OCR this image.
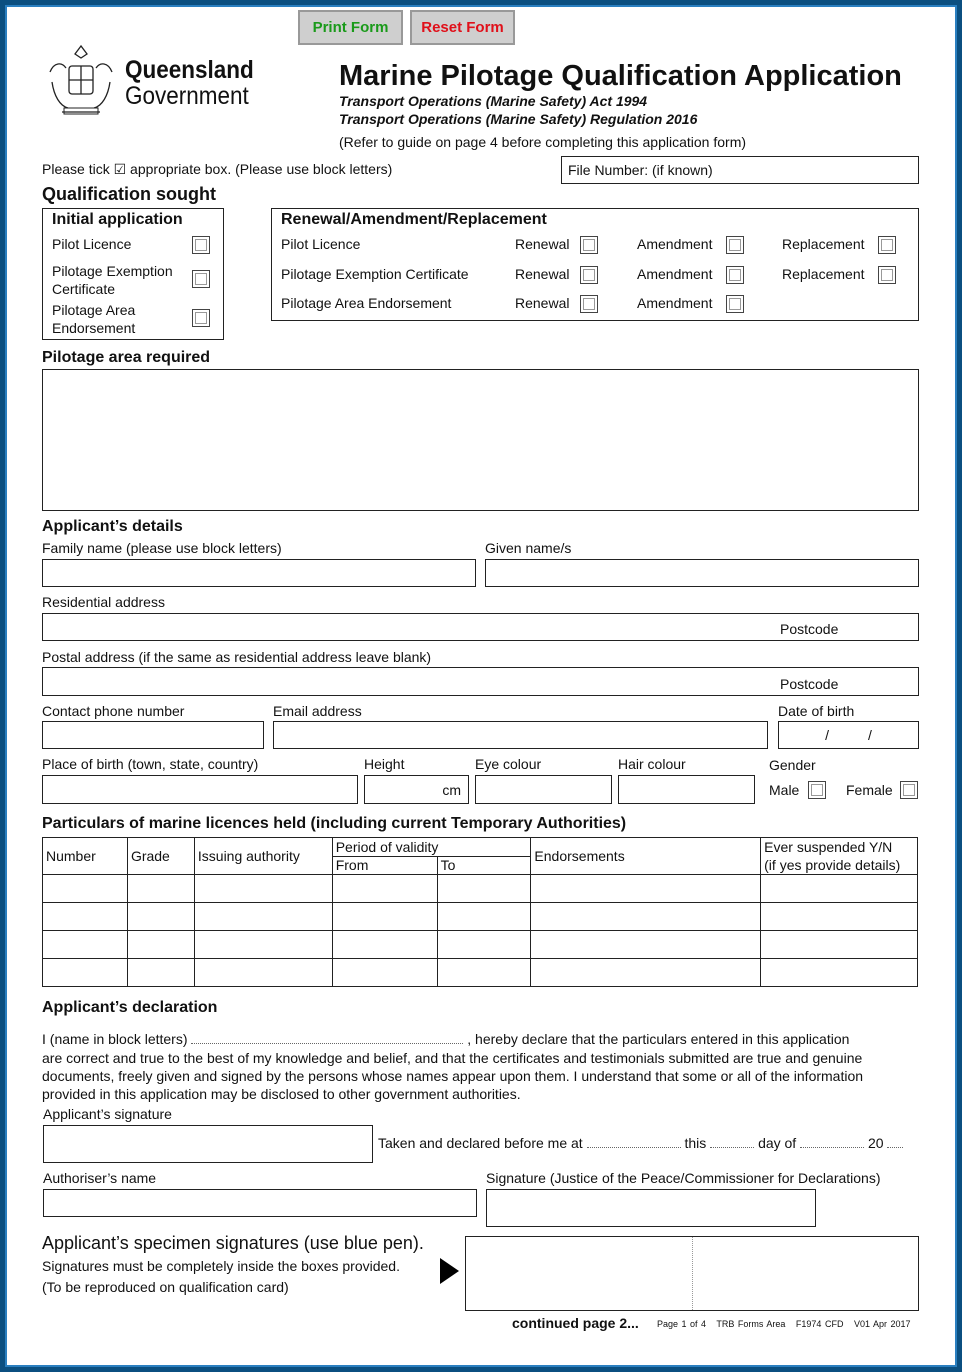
Print Form	Reset Form
Queensland
Government
Marine Pilotage Qualification Application
Transport Operations (Marine Safety) Act 1994
Transport Operations (Marine Safety) Regulation 2016
(Refer to guide on page 4 before completing this application form)
Please tick ☑ appropriate box. (Please use block letters)	File Number: (if known)
Qualification sought
Initial application
Pilot Licence
Pilotage Exemption Certificate
Pilotage Area Endorsement
Renewal/Amendment/Replacement
Pilot Licence	Renewal	Amendment	Replacement
Pilotage Exemption Certificate	Renewal	Amendment	Replacement
Pilotage Area Endorsement	Renewal	Amendment
Pilotage area required
Applicant’s details
Family name (please use block letters)	Given name/s
Residential address
Postcode
Postal address (if the same as residential address leave blank)
Postcode
Contact phone number	Email address	Date of birth
/          /
Place of birth (town, state, country)	Height	Eye colour	Hair colour	Gender
cm	Male	Female
Particulars of marine licences held (including current Temporary Authorities)
Number	Grade	Issuing authority	Period of validity		Endorsements	Ever suspended Y/N
(if yes provide details)
			From	To		

Applicant’s declaration
I (name in block letters)	, hereby declare that the particulars entered in this application
are correct and true to the best of my knowledge and belief, and that the certificates and testimonials submitted are true and genuine documents, freely given and signed by the persons whose names appear upon them. I understand that some or all of the information provided in this application may be disclosed to other government authorities.
Applicant’s signature
Taken and declared before me at	this	day of	20
Authoriser’s name	Signature (Justice of the Peace/Commissioner for Declarations)
Applicant’s specimen signatures (use blue pen).
Signatures must be completely inside the boxes provided.
(To be reproduced on qualification card)
continued page 2... Page 1 of 4 TRB Forms Area F1974 CFD V01 Apr 2017
